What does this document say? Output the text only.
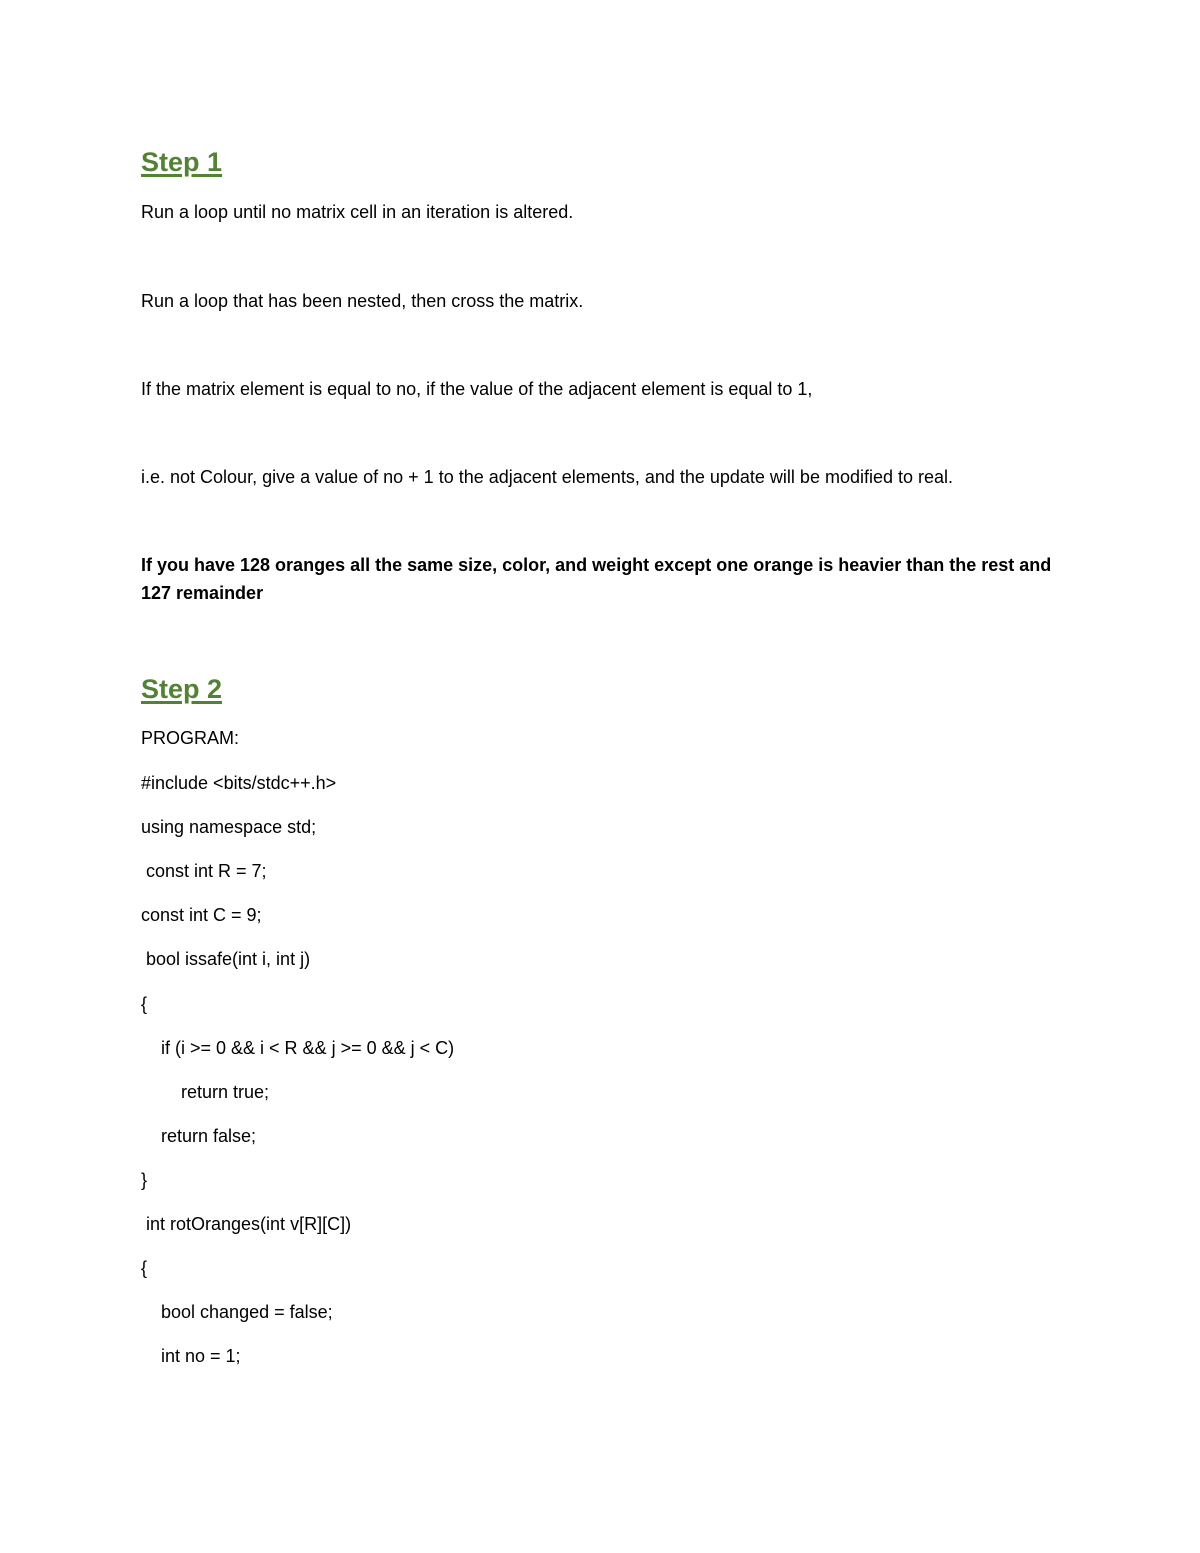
Step 1

Run a loop until no matrix cell in an iteration is altered.

Run a loop that has been nested, then cross the matrix.

If the matrix element is equal to no, if the value of the adjacent element is equal to 1,

i.e. not Colour, give a value of no + 1 to the adjacent elements, and the update will be modified to real.

If you have 128 oranges all the same size, color, and weight except one orange is heavier than the rest and 127 remainder

Step 2

PROGRAM:

#include <bits/stdc++.h>

using namespace std;

const int R = 7;

const int C = 9;

bool issafe(int i, int j)

{

if (i >= 0 && i < R && j >= 0 && j < C)

return true;

return false;

}

int rotOranges(int v[R][C])

{

bool changed = false;

int no = 1;
